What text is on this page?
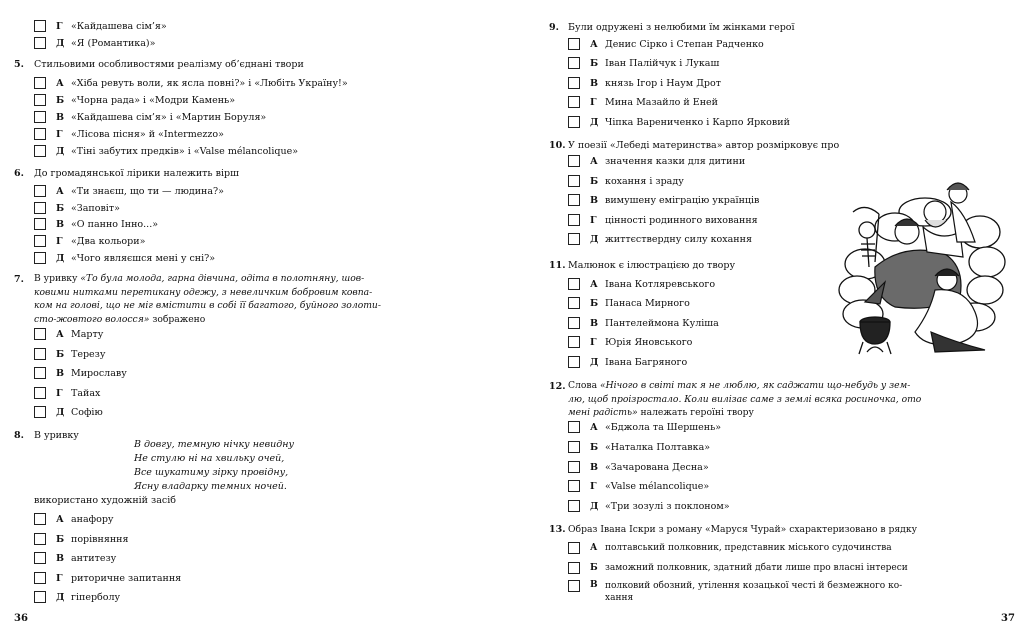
Г «Кайдашева сім’я»
Д «Я (Романтика)»
5. Стильовими особливостями реалізму об’єднані твори
А «Хіба ревуть воли, як ясла повні?» і «Любіть Україну!»
Б «Чорна рада» і «Модри Камень»
В «Кайдашева сім’я» і «Мартин Боруля»
Г «Лісова пісня» й «Intermezzo»
Д «Тіні забутих предків» і «Valse mélancolique»
6. До громадянської лірики належить вірш
А «Ти знаєш, що ти — людина?»
Б «Заповіт»
В «О панно Інно...»
Г «Два кольори»
Д «Чого являєшся мені у сні?»
7. В уривку «То була молода, гарна дівчина, одіта в полотняну, шов-
ковими нитками перетикану одежу, з невеличким бобровим ковпа-
ком на голові, що не міг вмістити в собі її багатого, буйного золоти-
сто-жовтого волосся» зображено
А Марту
Б Терезу
В Мирославу
Г Тайах
Д Софію
8. В уривку
В довгу, темную нічку невидну
Не стулю ні на хвильку очей,
Все шукатиму зірку провідну,
Ясну владарку темних ночей.
використано художній засіб
А анафору
Б порівняння
В антитезу
Г риторичне запитання
Д гіперболу
36
9. Були одружені з нелюбими їм жінками герої
А Денис Сірко і Степан Радченко
Б Іван Палійчук і Лукаш
В князь Ігор і Наум Дрот
Г Мина Мазайло й Еней
Д Чіпка Варениченко і Карпо Ярковий
10. У поезії «Лебеді материнства» автор розмірковує про
А значення казки для дитини
Б кохання і зраду
В вимушену еміграцію українців
Г цінності родинного виховання
Д життєствердну силу кохання
11. Малюнок є ілюстрацією до твору
А Івана Котляревського
Б Панаса Мирного
В Пантелеймона Куліша
Г Юрія Яновського
Д Івана Багряного
12. Слова «Нічого в світі так я не люблю, як саджати що-небудь у зем-
лю, щоб проізростало. Коли вилізає саме з землі всяка росиночка, ото
мені радість» належать героїні твору
А «Бджола та Шершень»
Б «Наталка Полтавка»
В «Зачарована Десна»
Г «Valse mélancolique»
Д «Три зозулі з поклоном»
13. Образ Івана Іскри з роману «Маруся Чурай» схарактеризовано в рядку
А полтавський полковник, представник міського судочинства
Б заможний полковник, здатний дбати лише про власні інтереси
В полковий обозний, утілення козацької честі й безмежного ко-
хання
37
